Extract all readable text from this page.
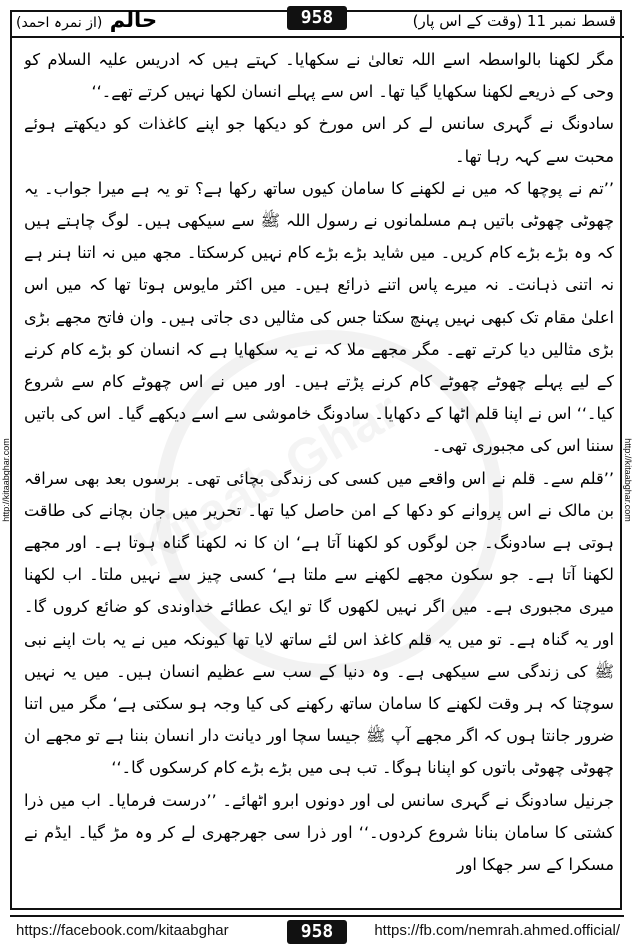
حالم (از نمرہ احمد)	958	قسط نمبر 11 (وقت کے اس پار)
http://kitaabghar.com	http://kitaabghar.com

مگر لکھنا بالواسطہ اسے اللہ تعالیٰ نے سکھایا۔ کہتے ہیں کہ ادریس علیہ السلام کو وحی کے ذریعے لکھنا سکھایا گیا تھا۔ اس سے پہلے انسان لکھا نہیں کرتے تھے۔‘‘

سادونگ نے گہری سانس لے کر اس مورخ کو دیکھا جو اپنے کاغذات کو دیکھتے ہوئے محبت سے کہہ رہا تھا۔

’’تم نے پوچھا کہ میں نے لکھنے کا سامان کیوں ساتھ رکھا ہے؟ تو یہ ہے میرا جواب۔ یہ چھوٹی چھوٹی باتیں ہم مسلمانوں نے رسول اللہ ﷺ سے سیکھی ہیں۔ لوگ چاہتے ہیں کہ وہ بڑے بڑے کام کریں۔ میں شاید بڑے بڑے کام نہیں کرسکتا۔ مجھ میں نہ اتنا ہنر ہے نہ اتنی ذہانت۔ نہ میرے پاس اتنے ذرائع ہیں۔ میں اکثر مایوس ہوتا تھا کہ میں اس اعلیٰ مقام تک کبھی نہیں پہنچ سکتا جس کی مثالیں دی جاتی ہیں۔ وان فاتح مجھے بڑی بڑی مثالیں دیا کرتے تھے۔ مگر مجھے ملا کہ نے یہ سکھایا ہے کہ انسان کو بڑے کام کرنے کے لیے پہلے چھوٹے چھوٹے کام کرنے پڑتے ہیں۔ اور میں نے اس چھوٹے کام سے شروع کیا۔‘‘ اس نے اپنا قلم اٹھا کے دکھایا۔ سادونگ خاموشی سے اسے دیکھے گیا۔ اس کی باتیں سننا اس کی مجبوری تھی۔

’’قلم سے۔ قلم نے اس واقعے میں کسی کی زندگی بچائی تھی۔ برسوں بعد بھی سراقہ بن مالک نے اس پروانے کو دکھا کے امن حاصل کیا تھا۔ تحریر میں جان بچانے کی طاقت ہوتی ہے سادونگ۔ جن لوگوں کو لکھنا آتا ہے‘ ان کا نہ لکھنا گناہ ہوتا ہے۔ اور مجھے لکھنا آتا ہے۔ جو سکون مجھے لکھنے سے ملتا ہے‘ کسی چیز سے نہیں ملتا۔ اب لکھنا میری مجبوری ہے۔ میں اگر نہیں لکھوں گا تو ایک عطائے خداوندی کو ضائع کروں گا۔ اور یہ گناہ ہے۔ تو میں یہ قلم کاغذ اس لئے ساتھ لایا تھا کیونکہ میں نے یہ بات اپنے نبی ﷺ کی زندگی سے سیکھی ہے۔ وہ دنیا کے سب سے عظیم انسان ہیں۔ میں یہ نہیں سوچتا کہ ہر وقت لکھنے کا سامان ساتھ رکھنے کی کیا وجہ ہو سکتی ہے‘ مگر میں اتنا ضرور جانتا ہوں کہ اگر مجھے آپ ﷺ جیسا سچا اور دیانت دار انسان بننا ہے تو مجھے ان چھوٹی چھوٹی باتوں کو اپنانا ہوگا۔ تب ہی میں بڑے بڑے کام کرسکوں گا۔‘‘

جرنیل سادونگ نے گہری سانس لی اور دونوں ابرو اٹھائے۔ ’’درست فرمایا۔ اب میں ذرا کشتی کا سامان بنانا شروع کردوں۔‘‘ اور ذرا سی جھرجھری لے کر وہ مڑ گیا۔ ایڈم نے مسکرا کے سر جھکا اور

https://facebook.com/kitaabghar	958	https://fb.com/nemrah.ahmed.official/
